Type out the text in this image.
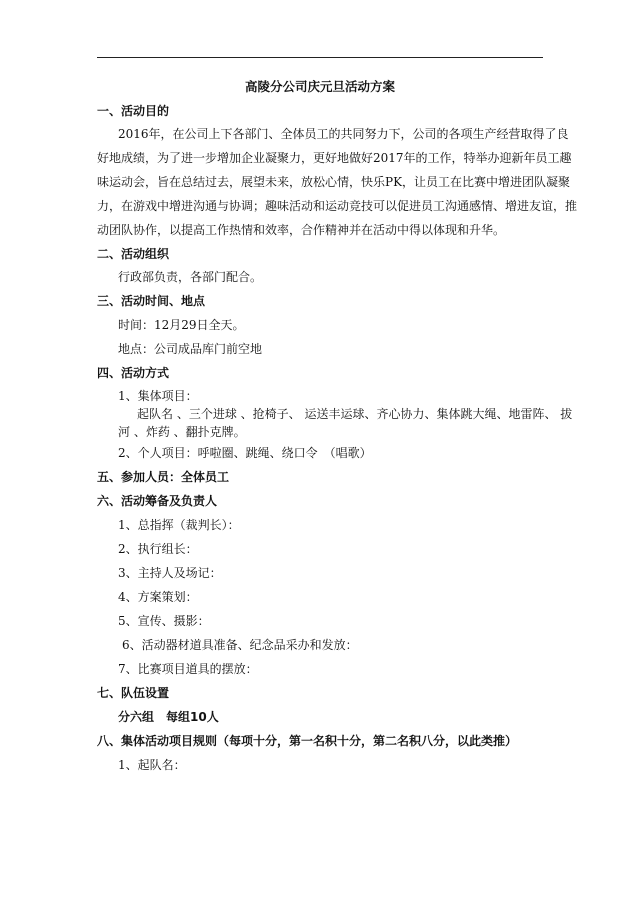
高陵分公司庆元旦活动方案
一、活动目的
2016年，在公司上下各部门、全体员工的共同努力下，公司的各项生产经营取得了良
好地成绩，为了进一步增加企业凝聚力，更好地做好2017年的工作，特举办迎新年员工趣
味运动会，旨在总结过去，展望未来，放松心情，快乐PK，让员工在比赛中增进团队凝聚
力，在游戏中增进沟通与协调；趣味活动和运动竞技可以促进员工沟通感情、增进友谊，推
动团队协作，以提高工作热情和效率，合作精神并在活动中得以体现和升华。
二、活动组织
行政部负责，各部门配合。
三、活动时间、地点
时间：12月29日全天。
地点：公司成品库门前空地
四、活动方式
1、集体项目：
起队名 、三个进球 、抢椅子、 运送丰运球、齐心协力、集体跳大绳、地雷阵、 拔
河 、炸药 、翻扑克牌。
2、个人项目：呼啦圈、跳绳、绕口令　（唱歌）
五、参加人员：全体员工
六、活动筹备及负责人
1、总指挥（裁判长）：
2、执行组长：
3、主持人及场记：
4、方案策划：
5、宣传、摄影：
6、活动器材道具准备、纪念品采办和发放：
7、比赛项目道具的摆放：
七、队伍设置
分六组　每组10人
八、集体活动项目规则（每项十分，第一名积十分，第二名积八分，以此类推）
1、起队名：
